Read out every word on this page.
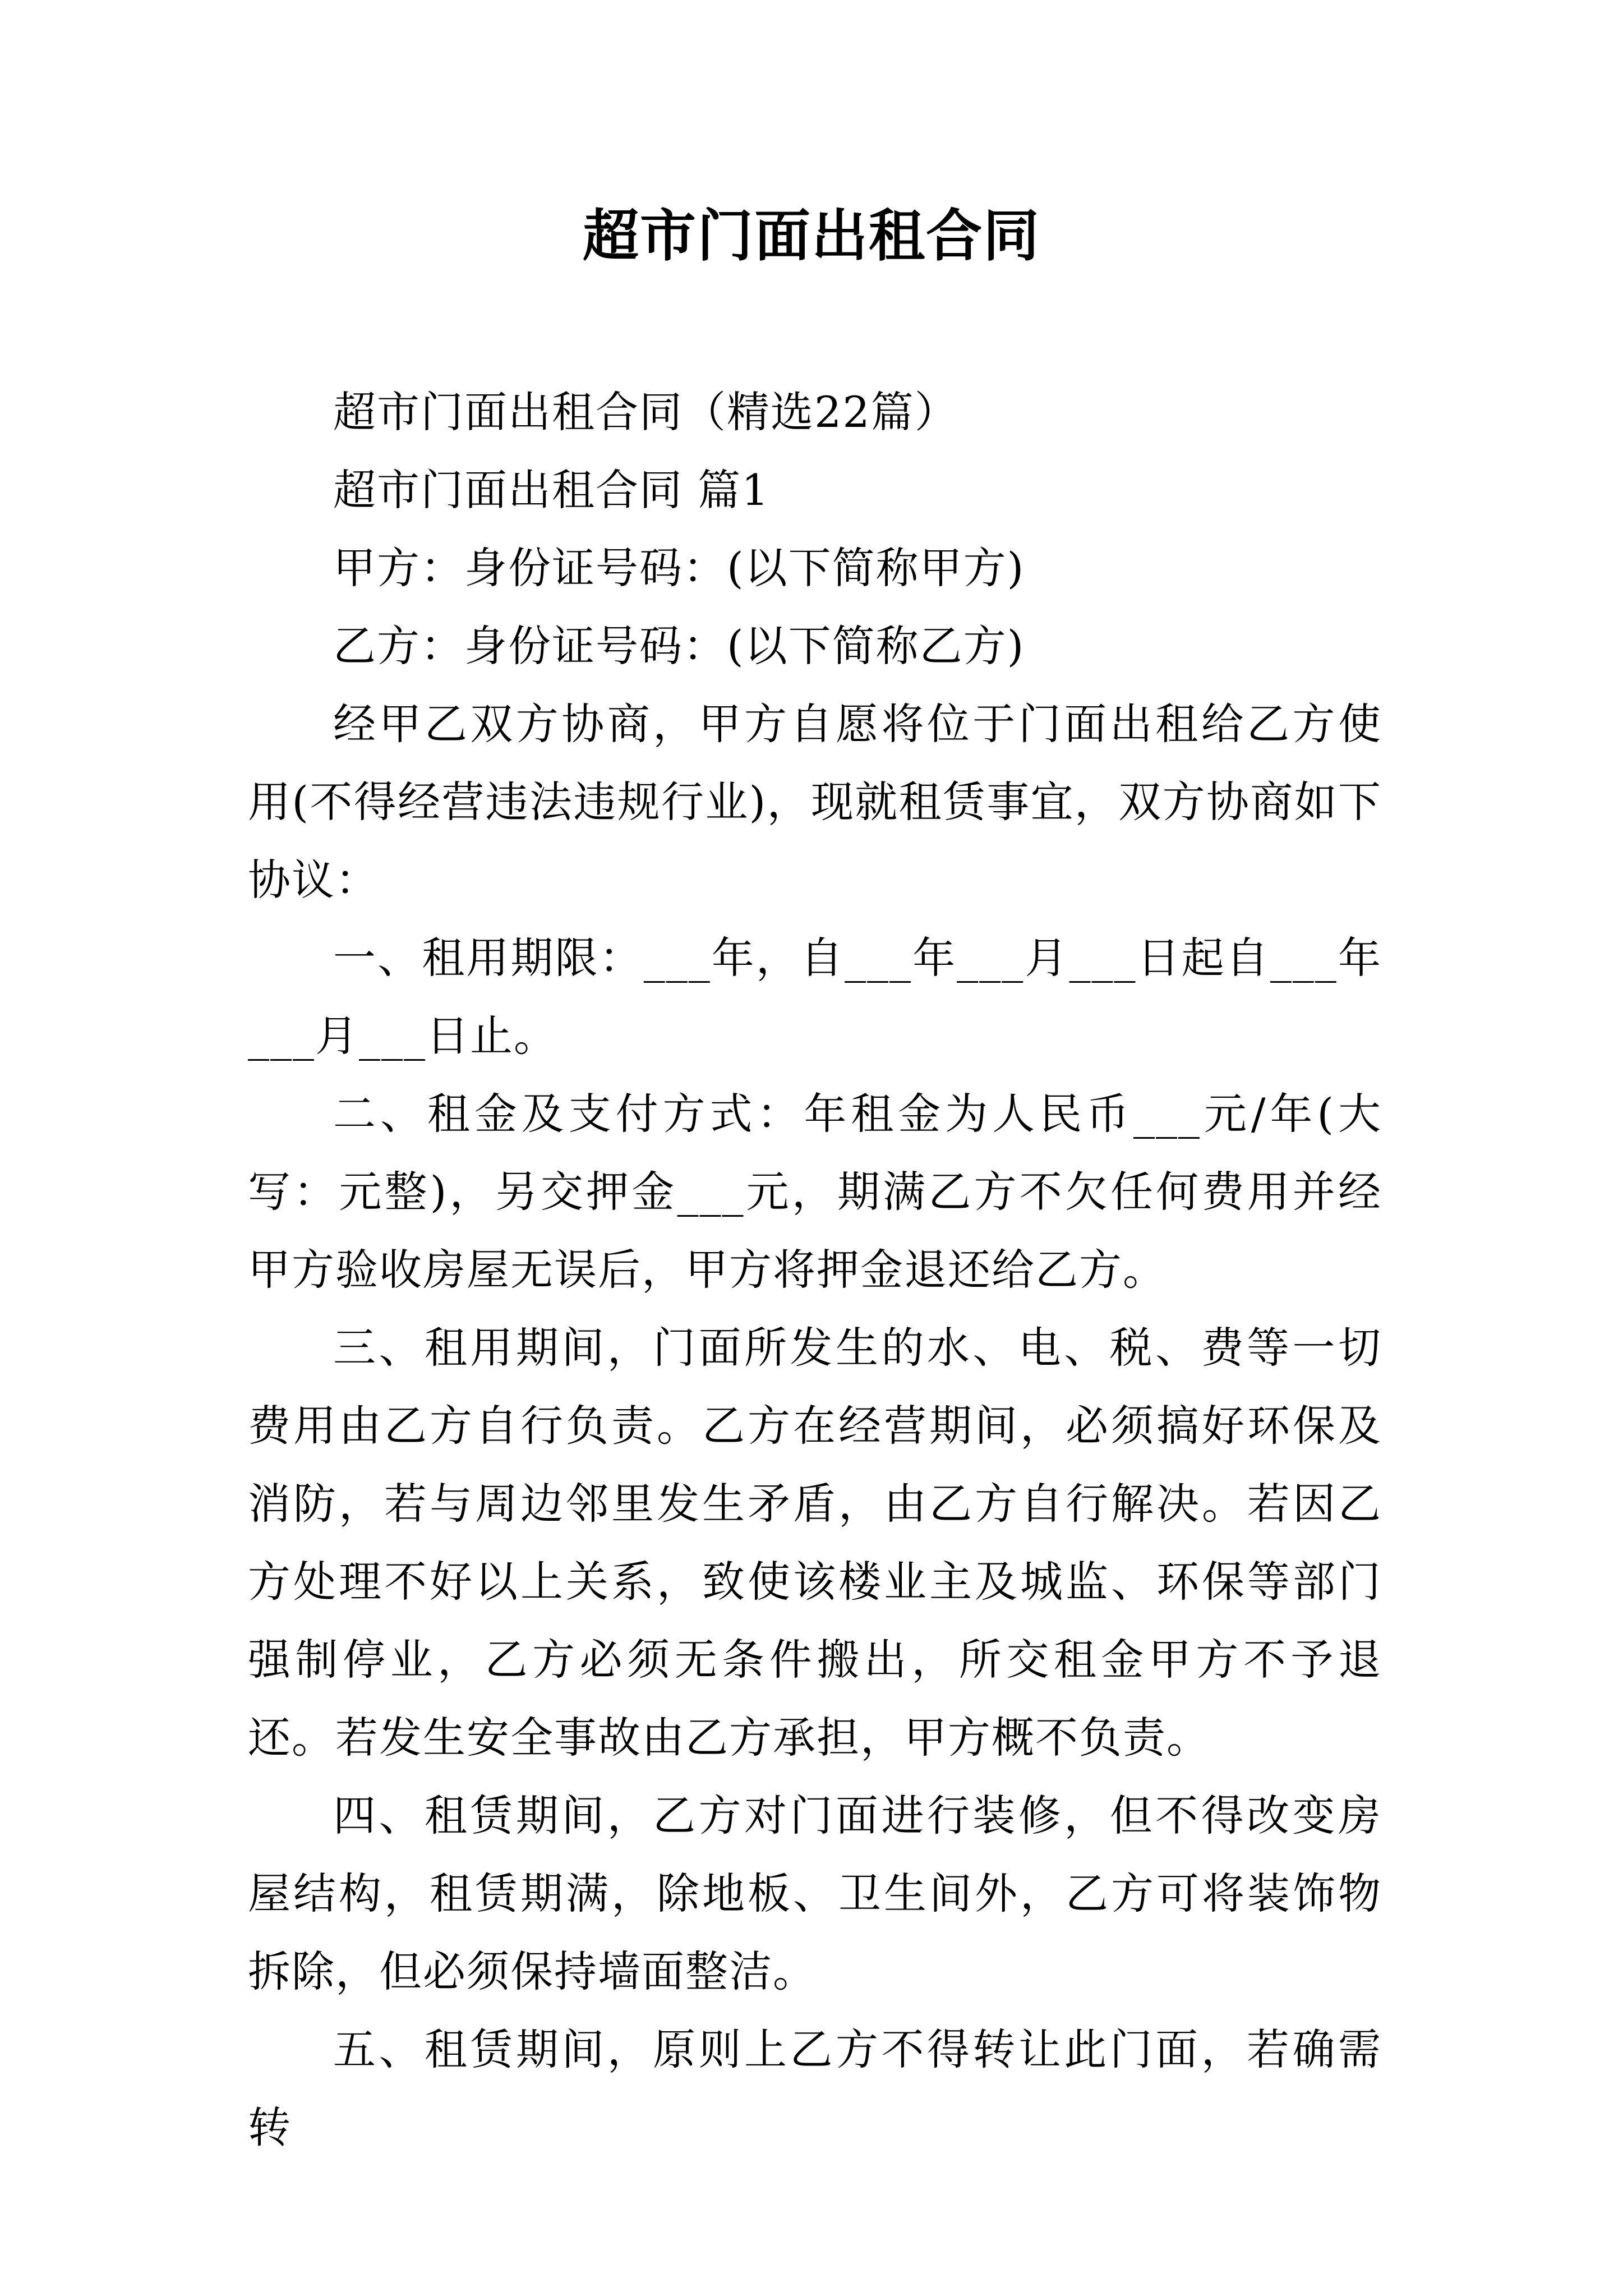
超市门面出租合同

超市门面出租合同（精选22篇）

超市门面出租合同 篇1

甲方：身份证号码：(以下简称甲方)

乙方：身份证号码：(以下简称乙方)

经甲乙双方协商，甲方自愿将位于门面出租给乙方使用(不得经营违法违规行业)，现就租赁事宜，双方协商如下协议：

一、租用期限：___年，自___年___月___日起自___年___月___日止。

二、租金及支付方式：年租金为人民币___元/年(大写：元整)，另交押金___元，期满乙方不欠任何费用并经甲方验收房屋无误后，甲方将押金退还给乙方。

三、租用期间，门面所发生的水、电、税、费等一切费用由乙方自行负责。乙方在经营期间，必须搞好环保及消防，若与周边邻里发生矛盾，由乙方自行解决。若因乙方处理不好以上关系，致使该楼业主及城监、环保等部门强制停业，乙方必须无条件搬出，所交租金甲方不予退还。若发生安全事故由乙方承担，甲方概不负责。

四、租赁期间，乙方对门面进行装修，但不得改变房屋结构，租赁期满，除地板、卫生间外，乙方可将装饰物拆除，但必须保持墙面整洁。

五、租赁期间，原则上乙方不得转让此门面，若确需转
